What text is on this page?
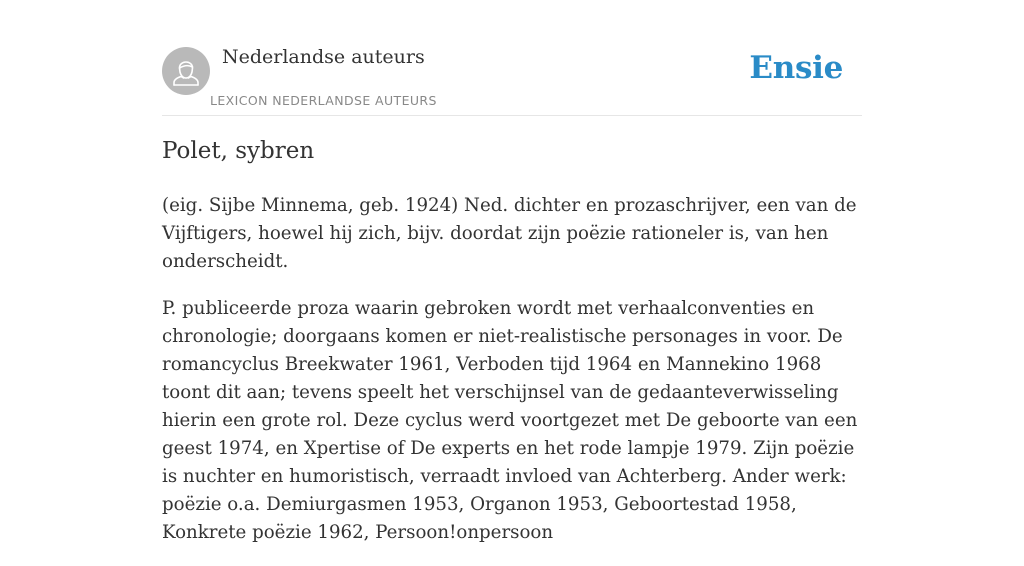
Nederlandse auteurs
LEXICON NEDERLANDSE AUTEURS
Ensie
Polet, sybren

(eig. Sijbe Minnema, geb. 1924) Ned. dichter en prozaschrijver, een van de Vijftigers, hoewel hij zich, bijv. doordat zijn poëzie rationeler is, van hen onderscheidt.

P. publiceerde proza waarin gebroken wordt met verhaalconventies en chronologie; doorgaans komen er niet-realistische personages in voor. De romancyclus Breekwater 1961, Verboden tijd 1964 en Mannekino 1968 toont dit aan; tevens speelt het verschijnsel van de gedaanteverwisseling hierin een grote rol. Deze cyclus werd voortgezet met De geboorte van een geest 1974, en Xpertise of De experts en het rode lampje 1979. Zijn poëzie is nuchter en humoristisch, verraadt invloed van Achterberg. Ander werk: poëzie o.a. Demiurgasmen 1953, Organon 1953, Geboortestad 1958, Konkrete poëzie 1962, Persoon!onpersoon
